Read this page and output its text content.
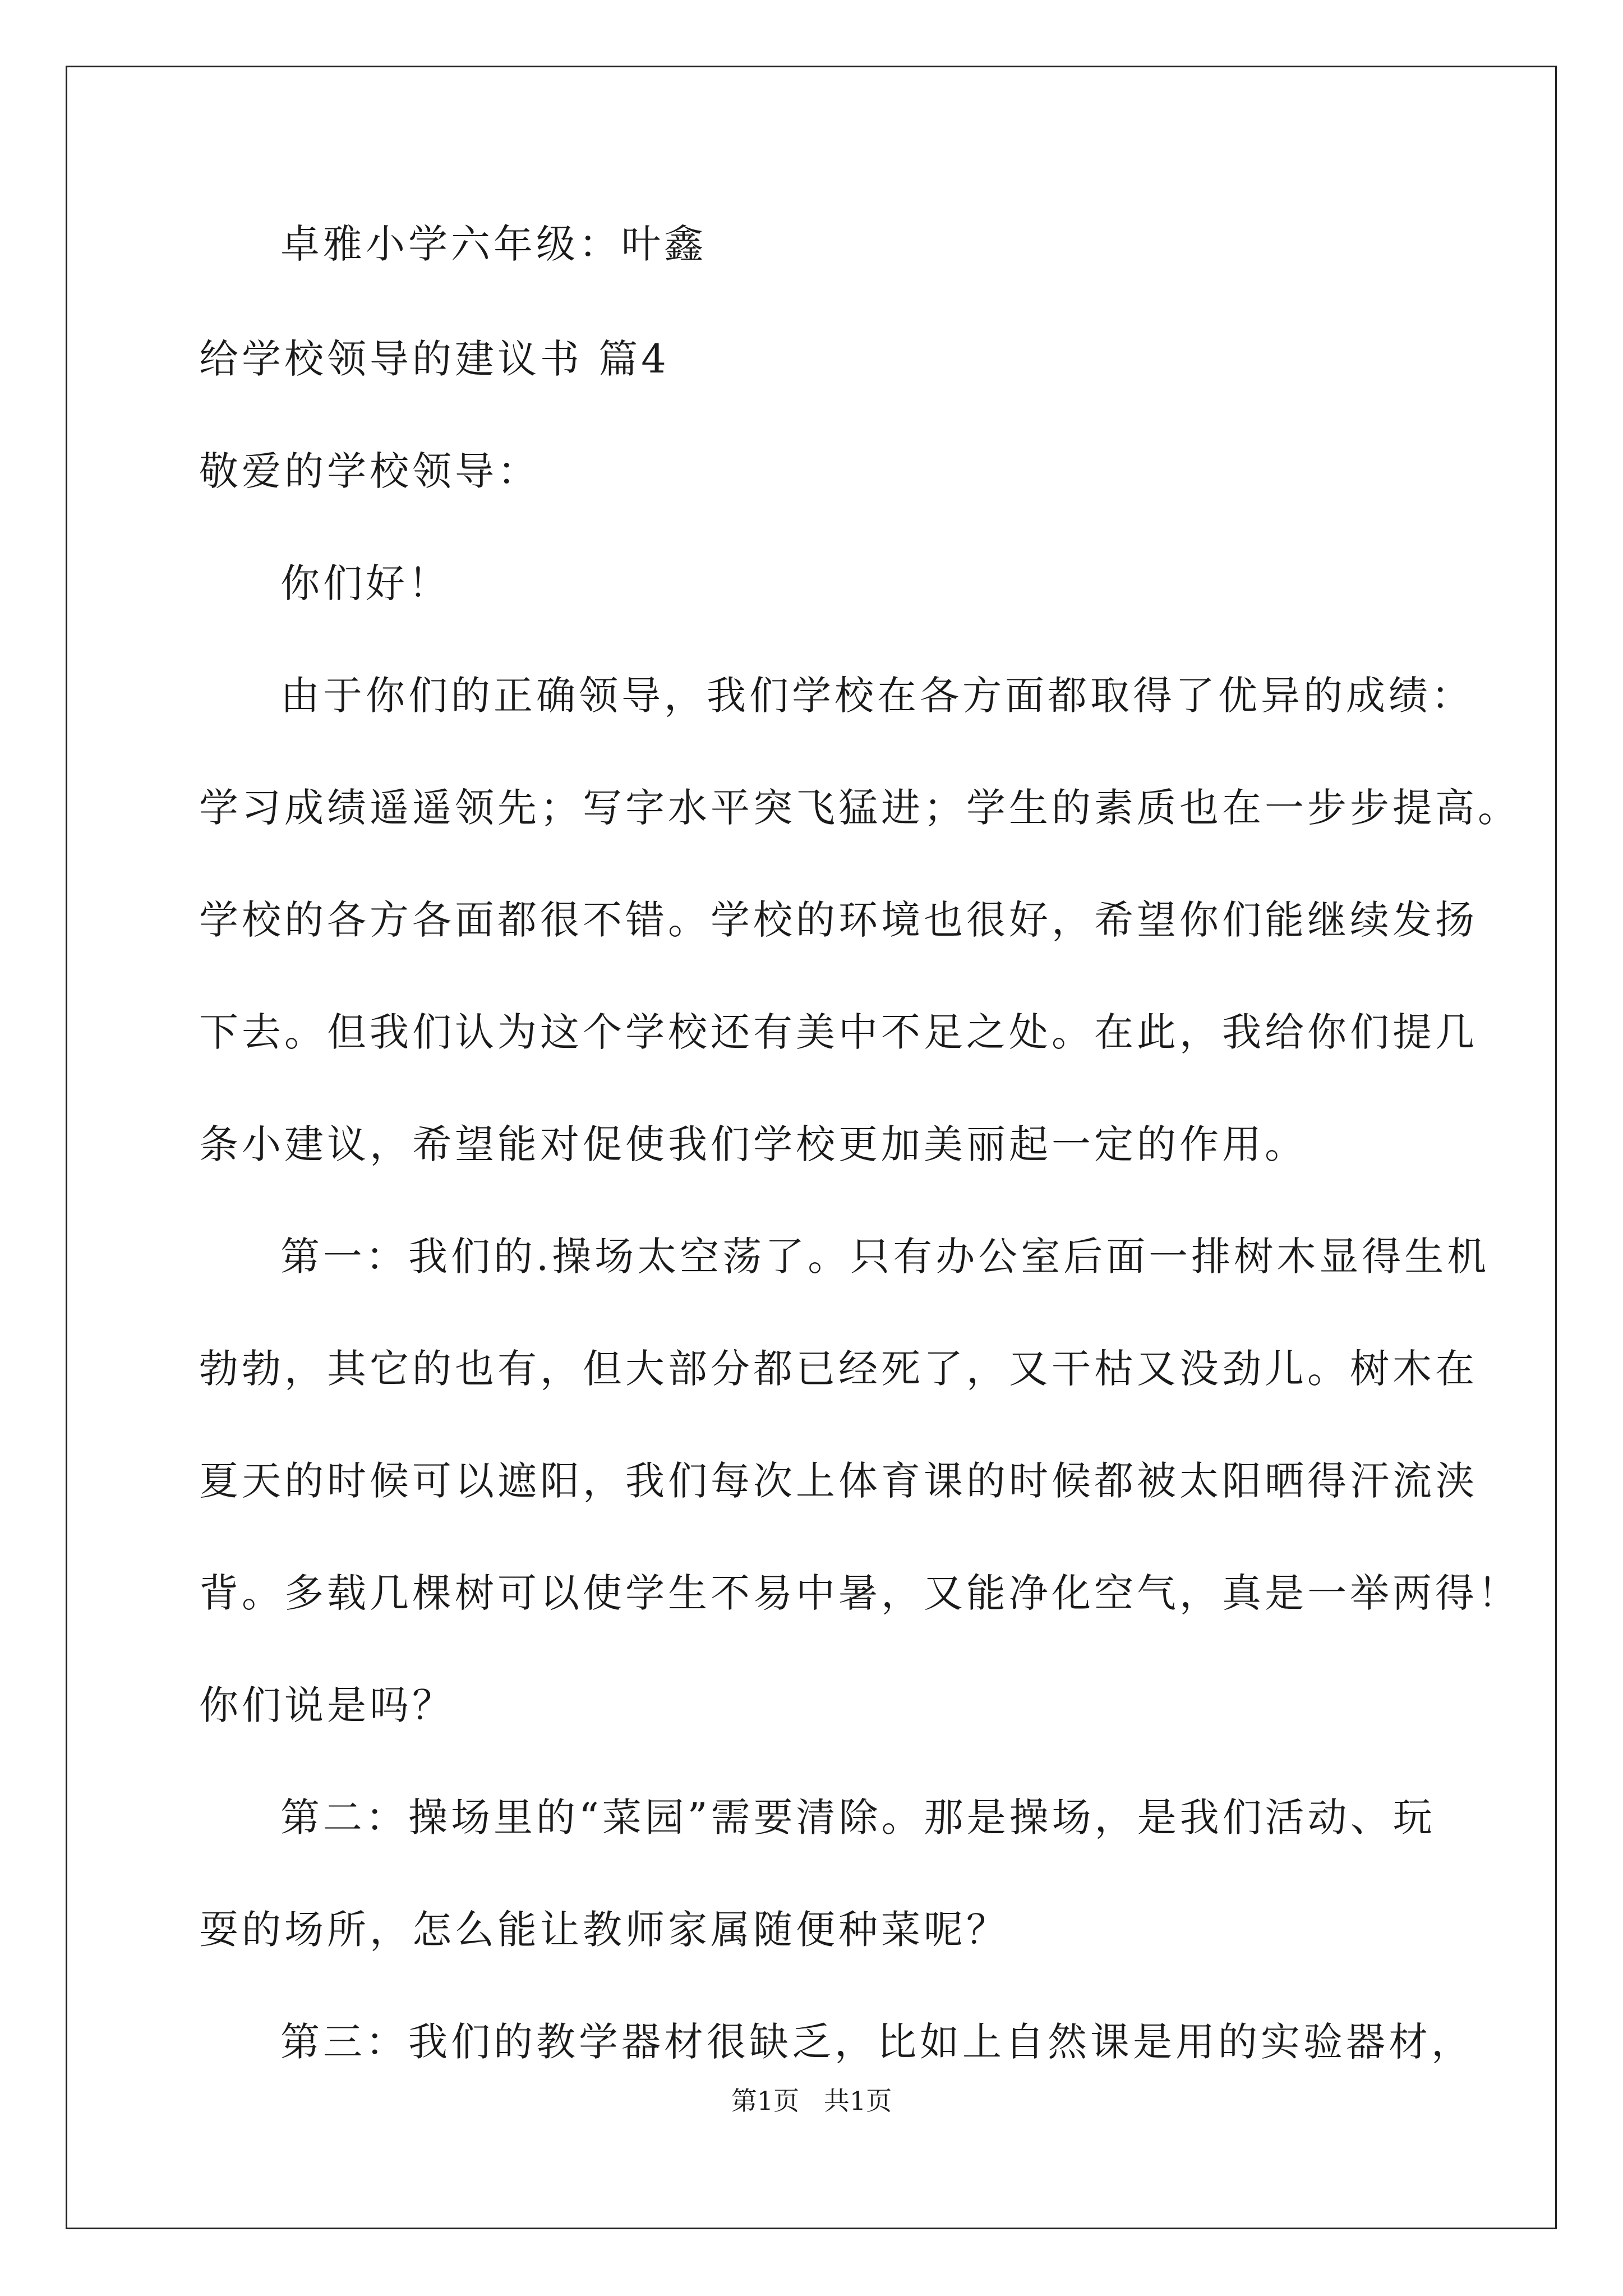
卓雅小学六年级：叶鑫

给学校领导的建议书 篇4

敬爱的学校领导：

你们好！

由于你们的正确领导，我们学校在各方面都取得了优异的成绩：

学习成绩遥遥领先；写字水平突飞猛进；学生的素质也在一步步提高。

学校的各方各面都很不错。学校的环境也很好，希望你们能继续发扬

下去。但我们认为这个学校还有美中不足之处。在此，我给你们提几

条小建议，希望能对促使我们学校更加美丽起一定的作用。

第一：我们的.操场太空荡了。只有办公室后面一排树木显得生机

勃勃，其它的也有，但大部分都已经死了，又干枯又没劲儿。树木在

夏天的时候可以遮阳，我们每次上体育课的时候都被太阳晒得汗流浃

背。多载几棵树可以使学生不易中暑，又能净化空气，真是一举两得！

你们说是吗？

第二：操场里的“菜园”需要清除。那是操场，是我们活动、玩

耍的场所，怎么能让教师家属随便种菜呢？

第三：我们的教学器材很缺乏，比如上自然课是用的实验器材，

第1页   共1页
